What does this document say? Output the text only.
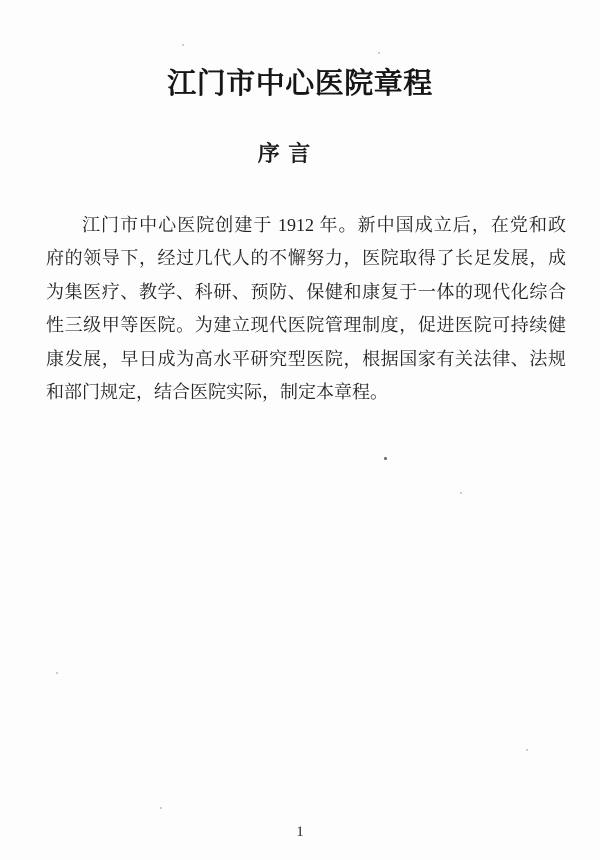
江门市中心医院章程
序 言
江门市中心医院创建于 1912 年。新中国成立后，在党和政
府的领导下，经过几代人的不懈努力，医院取得了长足发展，成
为集医疗、教学、科研、预防、保健和康复于一体的现代化综合
性三级甲等医院。为建立现代医院管理制度，促进医院可持续健
康发展，早日成为高水平研究型医院，根据国家有关法律、法规
和部门规定，结合医院实际，制定本章程。
1
